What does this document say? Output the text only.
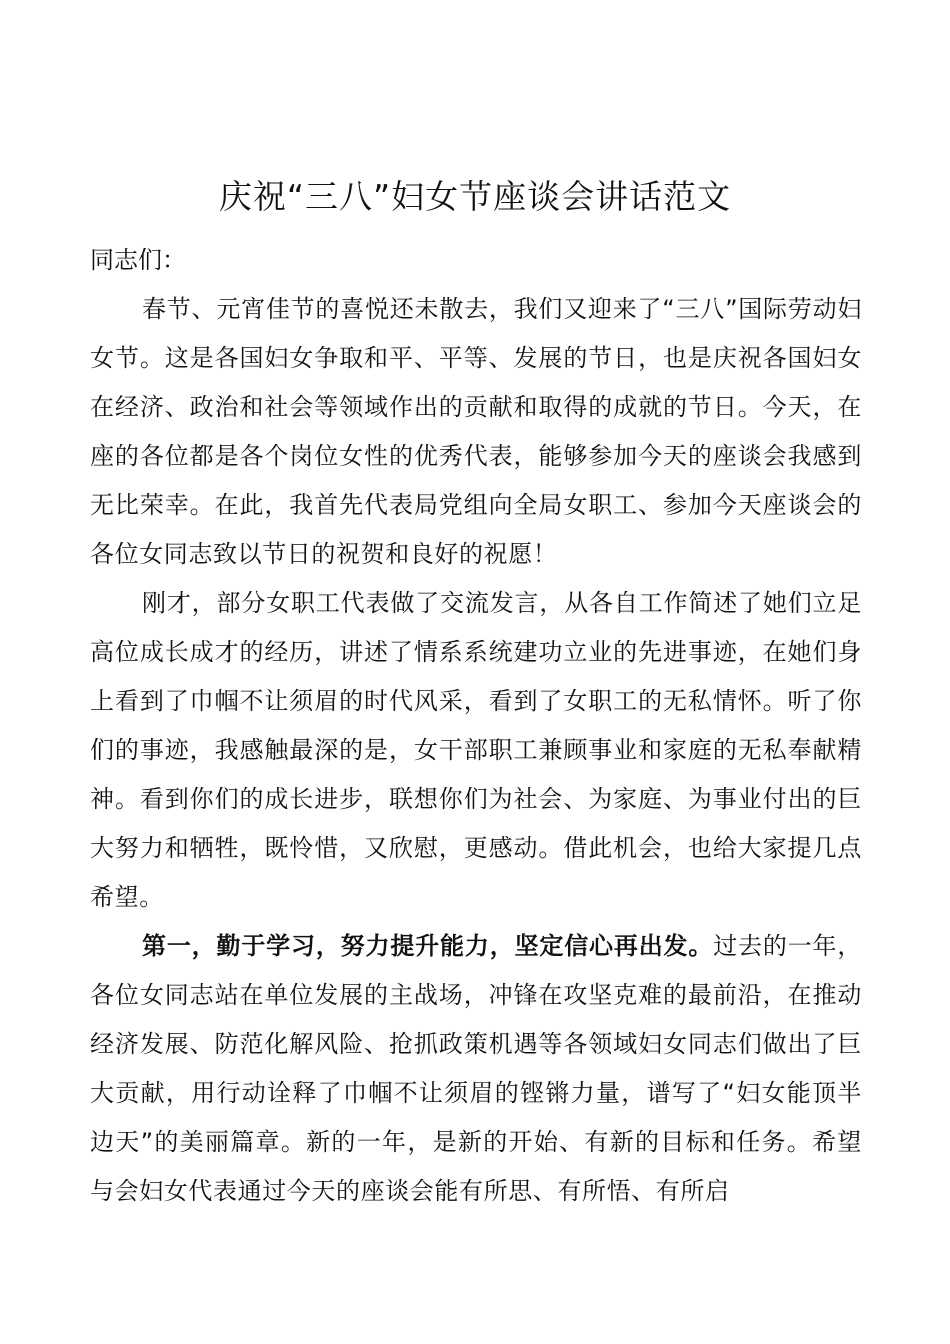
庆祝“三八”妇女节座谈会讲话范文

同志们：

春节、元宵佳节的喜悦还未散去，我们又迎来了“三八”国际劳动妇女节。这是各国妇女争取和平、平等、发展的节日，也是庆祝各国妇女在经济、政治和社会等领域作出的贡献和取得的成就的节日。今天，在座的各位都是各个岗位女性的优秀代表，能够参加今天的座谈会我感到无比荣幸。在此，我首先代表局党组向全局女职工、参加今天座谈会的各位女同志致以节日的祝贺和良好的祝愿！

刚才，部分女职工代表做了交流发言，从各自工作简述了她们立足高位成长成才的经历，讲述了情系系统建功立业的先进事迹，在她们身上看到了巾帼不让须眉的时代风采，看到了女职工的无私情怀。听了你们的事迹，我感触最深的是，女干部职工兼顾事业和家庭的无私奉献精神。看到你们的成长进步，联想你们为社会、为家庭、为事业付出的巨大努力和牺牲，既怜惜，又欣慰，更感动。借此机会，也给大家提几点希望。

第一，勤于学习，努力提升能力，坚定信心再出发。过去的一年，各位女同志站在单位发展的主战场，冲锋在攻坚克难的最前沿，在推动经济发展、防范化解风险、抢抓政策机遇等各领域妇女同志们做出了巨大贡献，用行动诠释了巾帼不让须眉的铿锵力量，谱写了“妇女能顶半边天”的美丽篇章。新的一年，是新的开始、有新的目标和任务。希望与会妇女代表通过今天的座谈会能有所思、有所悟、有所启
